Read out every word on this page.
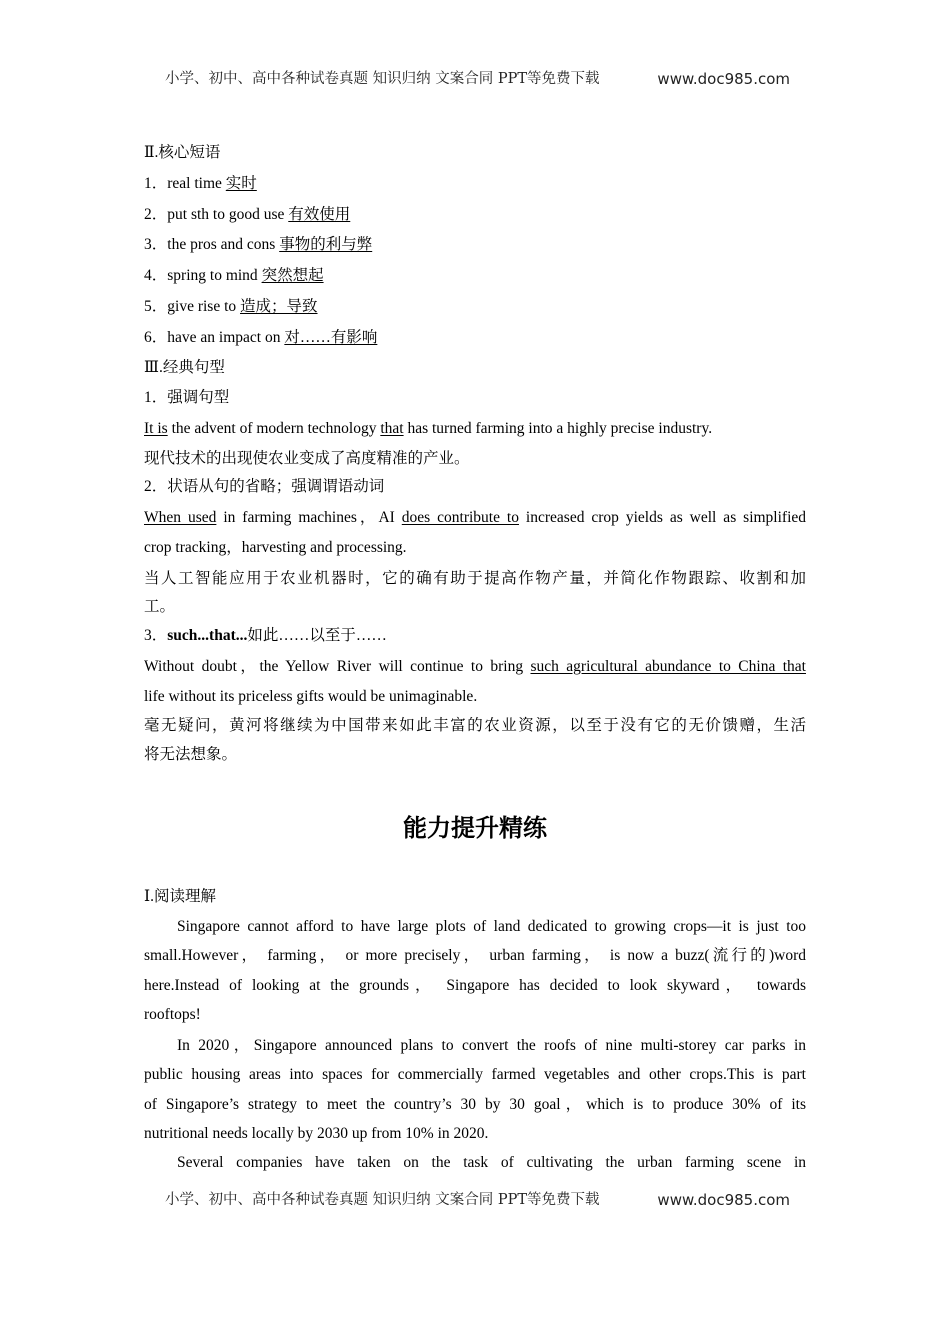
小学、初中、高中各种试卷真题 知识归纳 文案合同 PPT等免费下载	www.doc985.com
Ⅱ.核心短语
1．real time 实时
2．put sth to good use 有效使用
3．the pros and cons 事物的利与弊
4．spring to mind 突然想起
5．give rise to 造成；导致
6．have an impact on 对……有影响
Ⅲ.经典句型
1．强调句型
It is the advent of modern technology that has turned farming into a highly precise industry.
现代技术的出现使农业变成了高度精准的产业。
2．状语从句的省略；强调谓语动词
When used in farming machines，AI does contribute to increased crop yields as well as simplified
crop tracking，harvesting and processing.
当人工智能应用于农业机器时，它的确有助于提高作物产量，并简化作物跟踪、收割和加
工。
3．such...that...如此……以至于……
Without doubt，the Yellow River will continue to bring such agricultural abundance to China that
life without its priceless gifts would be unimaginable.
毫无疑问，黄河将继续为中国带来如此丰富的农业资源，以至于没有它的无价馈赠，生活
将无法想象。
能力提升精练
Ⅰ.阅读理解
Singapore cannot afford to have large plots of land dedicated to growing crops—it is just too
small.However， farming， or more precisely， urban farming， is now a buzz(流行的)word
here.Instead of looking at the grounds， Singapore has decided to look skyward， towards
rooftops!
In 2020，Singapore announced plans to convert the roofs of nine multi-storey car parks in
public housing areas into spaces for commercially farmed vegetables and other crops.This is part
of Singapore’s strategy to meet the country’s 30 by 30 goal，which is to produce 30% of its
nutritional needs locally by 2030 up from 10% in 2020.
Several companies have taken on the task of cultivating the urban farming scene in
小学、初中、高中各种试卷真题 知识归纳 文案合同 PPT等免费下载	www.doc985.com
